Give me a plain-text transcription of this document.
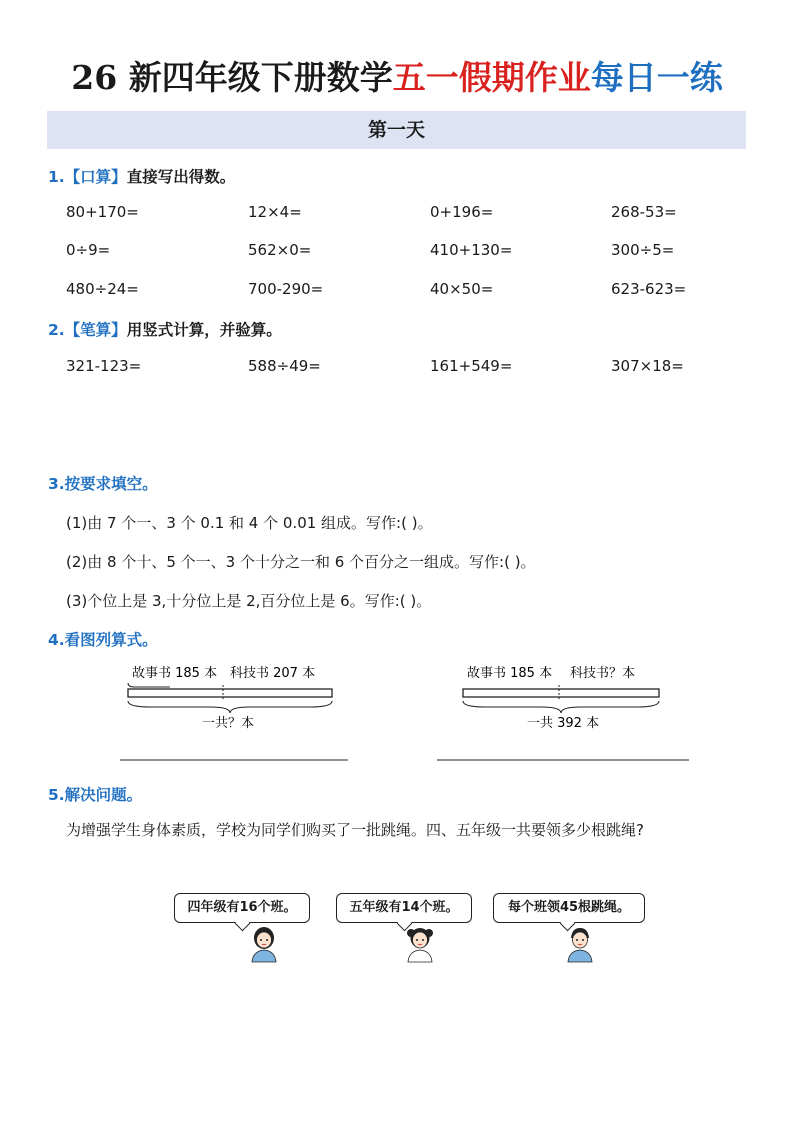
26 新四年级下册数学五一假期作业每日一练
第一天
1.【口算】直接写出得数。
80+170=	12×4=	0+196=	268-53=
0÷9=	562×0=	410+130=	300÷5=
480÷24=	700-290=	40×50=	623-623=
2.【笔算】用竖式计算，并验算。
321-123=	588÷49=	161+549=	307×18=
3.按要求填空。
(1)由 7 个一、3 个 0.1 和 4 个 0.01 组成。写作:( )。
(2)由 8 个十、5 个一、3 个十分之一和 6 个百分之一组成。写作:( )。
(3)个位上是 3,十分位上是 2,百分位上是 6。写作:( )。
4.看图列算式。
故事书 185 本 科技书 207 本
一共？本
故事书 185 本 科技书？本
一共 392 本
5.解决问题。
为增强学生身体素质，学校为同学们购买了一批跳绳。四、五年级一共要领多少根跳绳?
四年级有16个班。	五年级有14个班。	每个班领45根跳绳。
